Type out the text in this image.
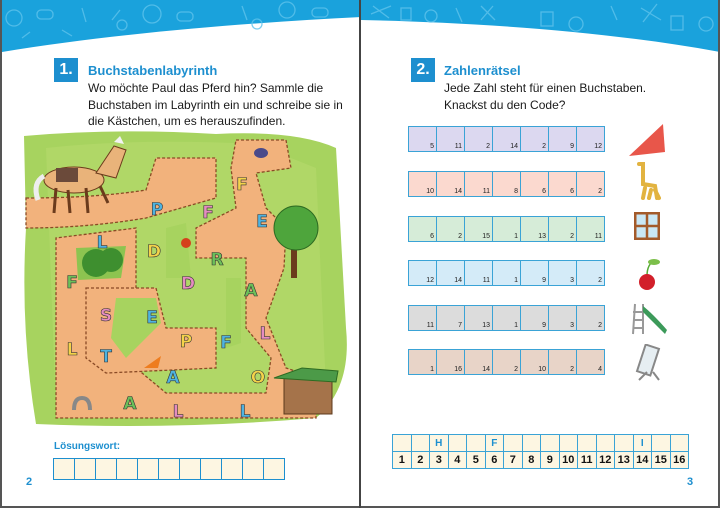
1.	Buchstabenlabyrinth
Wo möchte Paul das Pferd hin? Sammle die
Buchstaben im Labyrinth ein und schreibe sie in
die Kästchen, um es herauszufinden.
P
F
F E
L D	R
D	A
F
S E
P F L
L T
A	O
A L	L
Lösungswort:
2
2.	Zahlenrätsel
Jede Zahl steht für einen Buchstaben.
Knackst du den Code?
5	11	2	14	2	9	12
10	14	11	8	6	6	2
6	2	15	1	13	2	11
12	14	11	1	9	3	2
11	7	13	1	9	3	2
1	16	14	2	10	2	4
		H			F								I		
1	2	3	4	5	6	7	8	9	10	11	12	13	14	15	16
3
